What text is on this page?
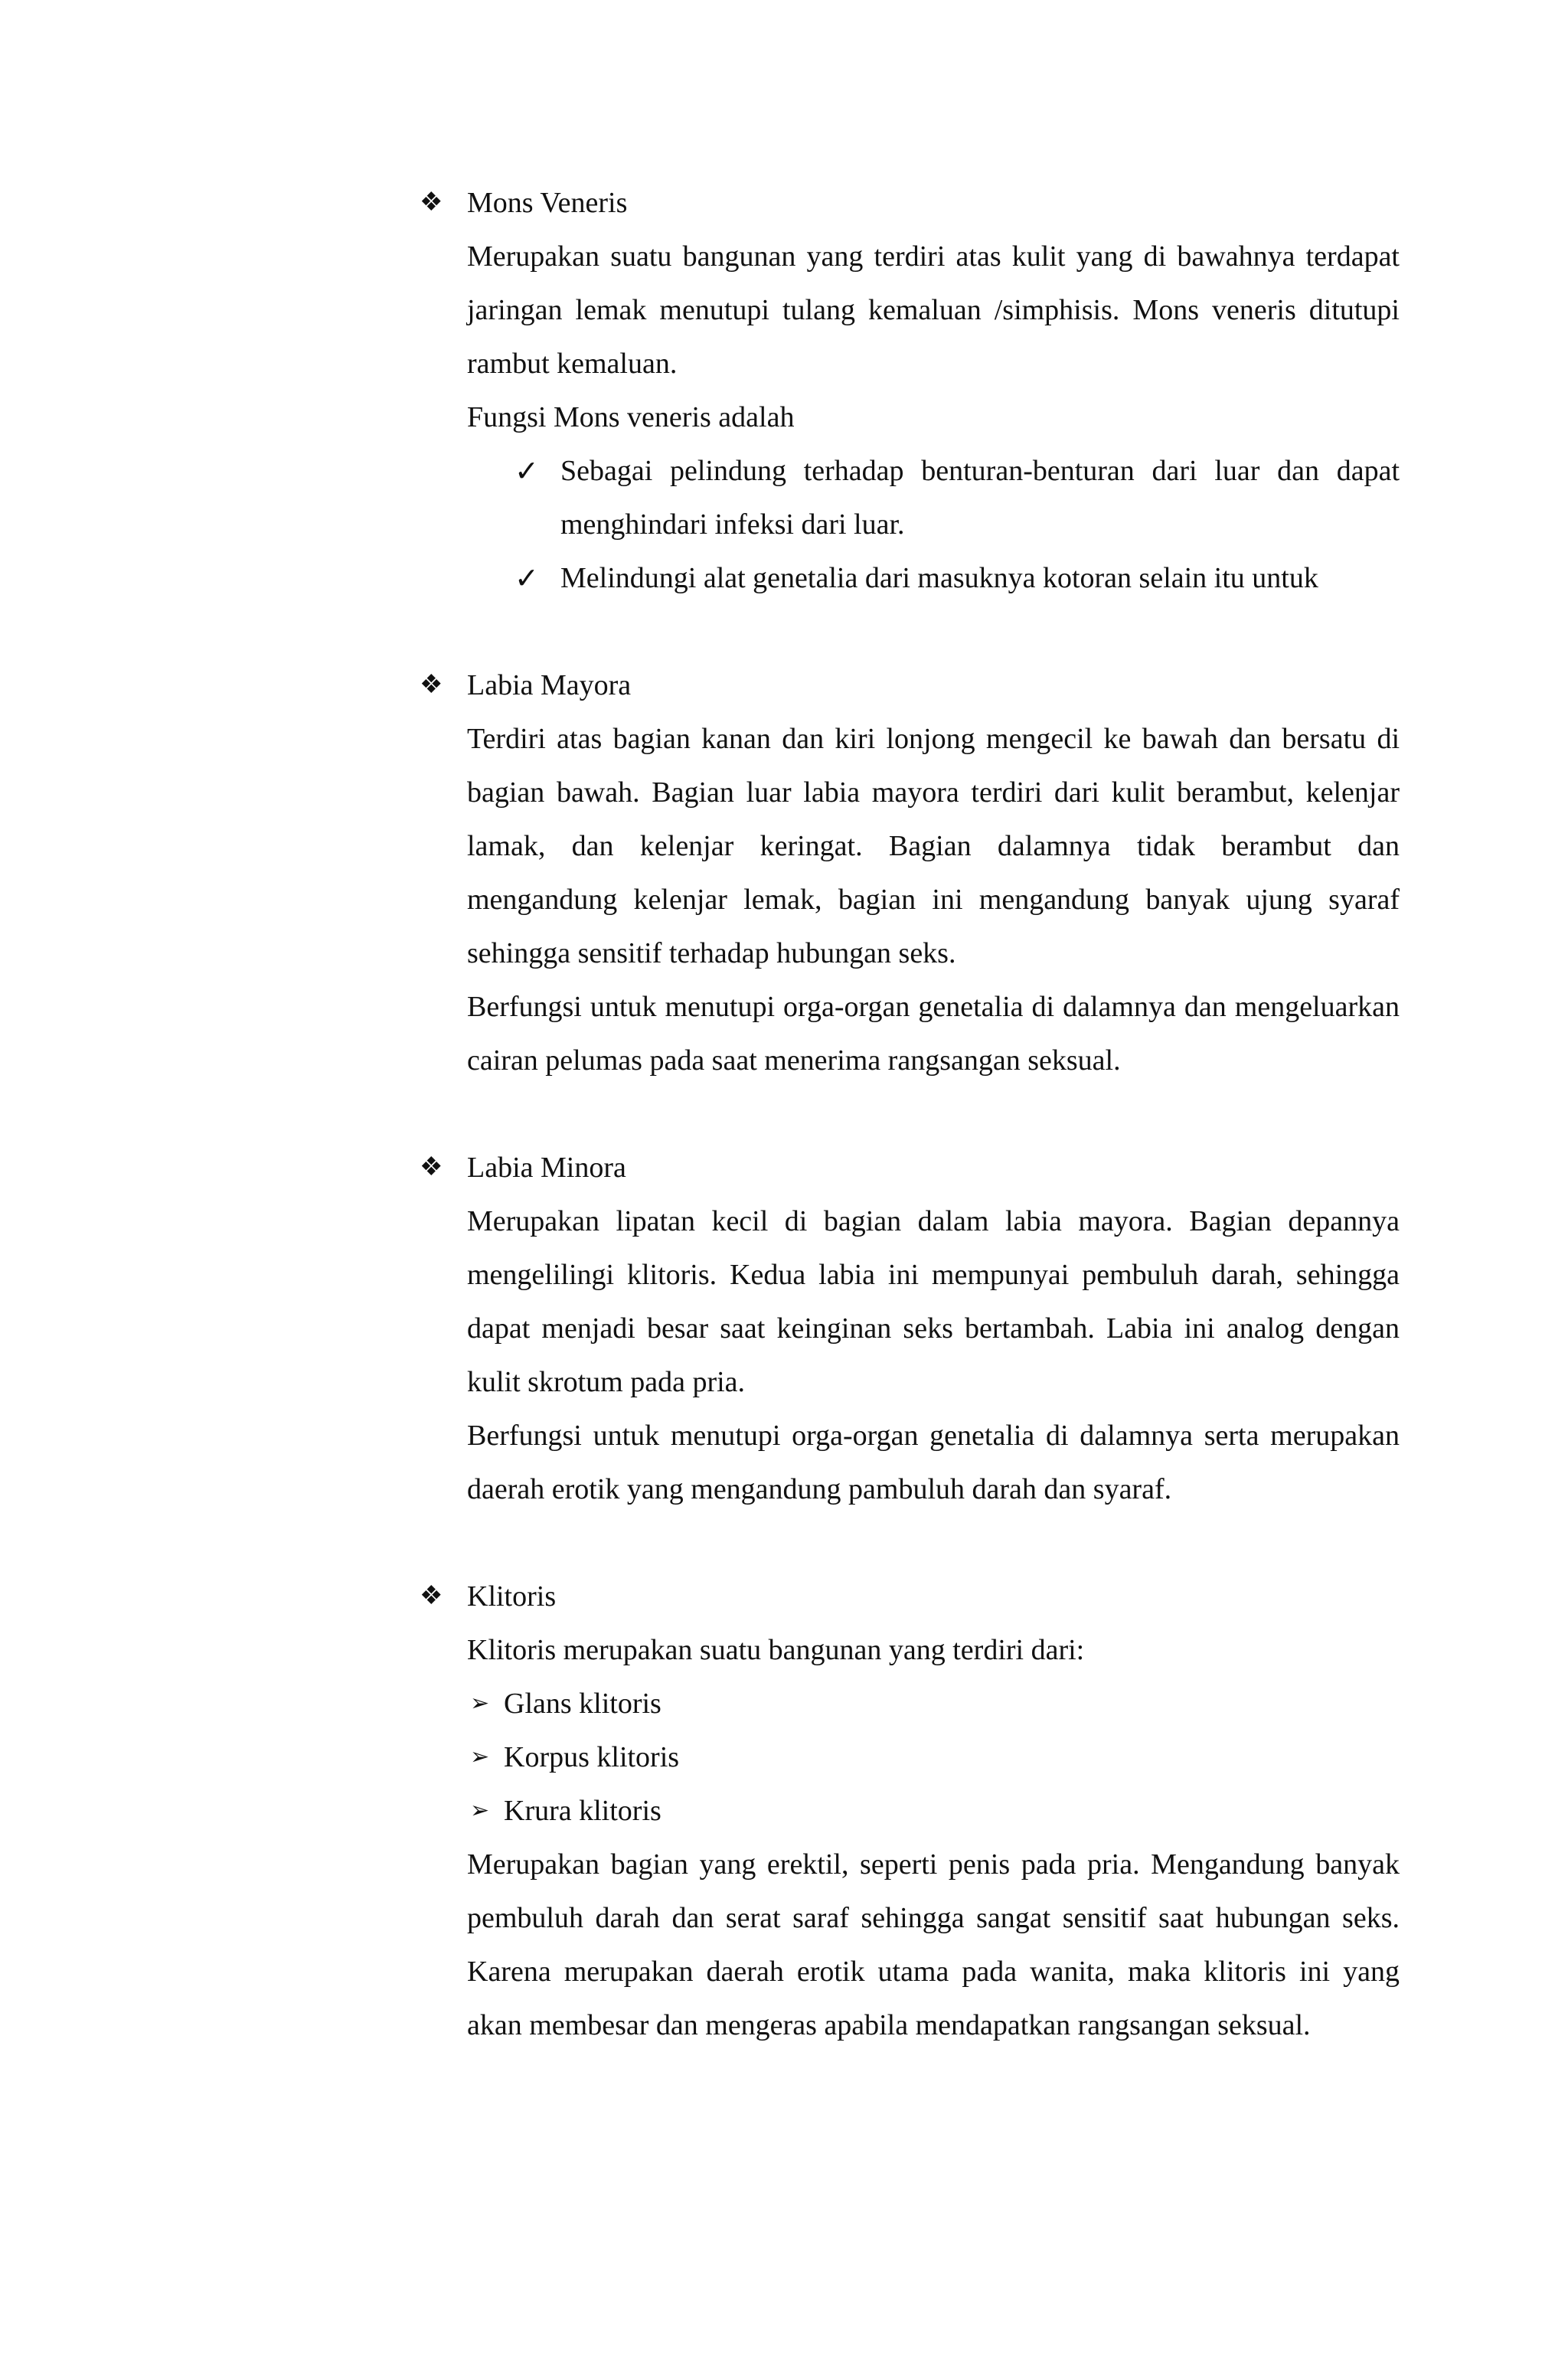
❖ Mons Veneris

Merupakan suatu bangunan yang terdiri atas kulit yang di bawahnya terdapat jaringan lemak menutupi tulang kemaluan /simphisis. Mons veneris ditutupi rambut kemaluan.

Fungsi Mons veneris adalah

✓ Sebagai pelindung terhadap benturan-benturan dari luar dan dapat menghindari infeksi dari luar.
✓ Melindungi alat genetalia dari masuknya kotoran selain itu untuk
❖ Labia Mayora

Terdiri atas bagian kanan dan kiri lonjong mengecil ke bawah dan bersatu di bagian bawah. Bagian luar labia mayora terdiri dari kulit berambut, kelenjar lamak, dan kelenjar keringat. Bagian dalamnya tidak berambut dan mengandung kelenjar lemak, bagian ini mengandung banyak ujung syaraf sehingga sensitif terhadap hubungan seks.

Berfungsi untuk menutupi orga-organ genetalia di dalamnya dan mengeluarkan cairan pelumas pada saat menerima rangsangan seksual.

❖ Labia Minora

Merupakan lipatan kecil di bagian dalam labia mayora. Bagian depannya mengelilingi klitoris. Kedua labia ini mempunyai pembuluh darah, sehingga dapat menjadi besar saat keinginan seks bertambah. Labia ini analog dengan kulit skrotum pada pria.

Berfungsi untuk menutupi orga-organ genetalia di dalamnya serta merupakan daerah erotik yang mengandung pambuluh darah dan syaraf.

❖ Klitoris

Klitoris merupakan suatu bangunan yang terdiri dari:

➢ Glans klitoris
➢ Korpus klitoris
➢ Krura klitoris

Merupakan bagian yang erektil, seperti penis pada pria. Mengandung banyak pembuluh darah dan serat saraf sehingga sangat sensitif saat hubungan seks. Karena merupakan daerah erotik utama pada wanita, maka klitoris ini yang akan membesar dan mengeras apabila mendapatkan rangsangan seksual.
